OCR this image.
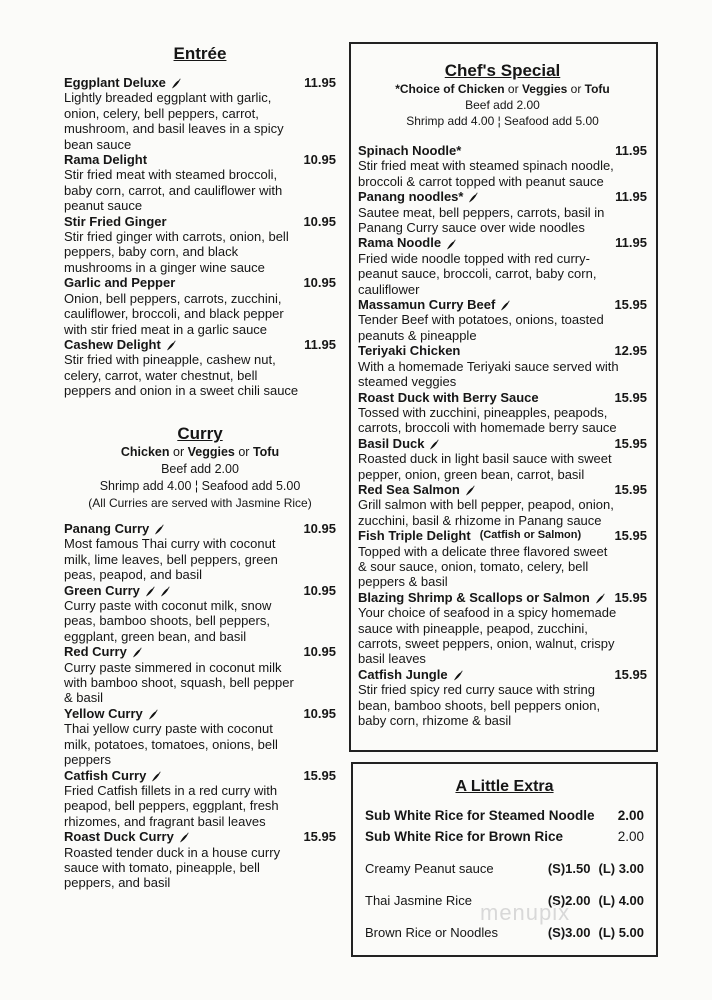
Entrée
Eggplant Deluxe	11.95
Lightly breaded eggplant with garlic,
onion, celery, bell peppers, carrot,
mushroom, and basil leaves in a spicy
bean sauce
Rama Delight	10.95
Stir fried meat with steamed broccoli,
baby corn, carrot, and cauliflower with
peanut sauce
Stir Fried Ginger	10.95
Stir fried ginger with carrots, onion, bell
peppers, baby corn, and black
mushrooms in a ginger wine sauce
Garlic and Pepper	10.95
Onion, bell peppers, carrots, zucchini,
cauliflower, broccoli, and black pepper
with stir fried meat in a garlic sauce
Cashew Delight	11.95
Stir fried with pineapple, cashew nut,
celery, carrot, water chestnut, bell
peppers and onion in a sweet chili sauce
Curry
Chicken or Veggies or Tofu
Beef add 2.00
Shrimp add 4.00 ¦ Seafood add 5.00
(All Curries are served with Jasmine Rice)
Panang Curry	10.95
Most famous Thai curry with coconut
milk, lime leaves, bell peppers, green
peas, peapod, and basil
Green Curry	10.95
Curry paste with coconut milk, snow
peas, bamboo shoots, bell peppers,
eggplant, green bean, and basil
Red Curry	10.95
Curry paste simmered in coconut milk
with bamboo shoot, squash, bell pepper
& basil
Yellow Curry	10.95
Thai yellow curry paste with coconut
milk, potatoes, tomatoes, onions, bell
peppers
Catfish Curry	15.95
Fried Catfish fillets in a red curry with
peapod, bell peppers, eggplant, fresh
rhizomes, and fragrant basil leaves
Roast Duck Curry	15.95
Roasted tender duck in a house curry
sauce with tomato, pineapple, bell
peppers, and basil
Chef's Special
*Choice of Chicken or Veggies or Tofu
Beef add 2.00
Shrimp add 4.00 ¦ Seafood add 5.00
Spinach Noodle*	11.95
Stir fried meat with steamed spinach noodle,
broccoli & carrot topped with peanut sauce
Panang noodles*	11.95
Sautee meat, bell peppers, carrots, basil in
Panang Curry sauce over wide noodles
Rama Noodle	11.95
Fried wide noodle topped with red curry-
peanut sauce, broccoli, carrot, baby corn,
cauliflower
Massamun Curry Beef	15.95
Tender Beef with potatoes, onions, toasted
peanuts & pineapple
Teriyaki Chicken	12.95
With a homemade Teriyaki sauce served with
steamed veggies
Roast Duck with Berry Sauce	15.95
Tossed with zucchini, pineapples, peapods,
carrots, broccoli with homemade berry sauce
Basil Duck	15.95
Roasted duck in light basil sauce with sweet
pepper, onion, green bean, carrot, basil
Red Sea Salmon	15.95
Grill salmon with bell pepper, peapod, onion,
zucchini, basil & rhizome in Panang sauce
Fish Triple Delight (Catfish or Salmon)	15.95
Topped with a delicate three flavored sweet
& sour sauce, onion, tomato, celery, bell
peppers & basil
Blazing Shrimp & Scallops or Salmon 15.95
Your choice of seafood in a spicy homemade
sauce with pineapple, peapod, zucchini,
carrots, sweet peppers, onion, walnut, crispy
basil leaves
Catfish Jungle	15.95
Stir fried spicy red curry sauce with string
bean, bamboo shoots, bell peppers onion,
baby corn, rhizome & basil
A Little Extra
Sub White Rice for Steamed Noodle 2.00
Sub White Rice for Brown Rice	2.00
Creamy Peanut sauce	(S)1.50 (L) 3.00
Thai Jasmine Rice	(S)2.00 (L) 4.00
Brown Rice or Noodles	(S)3.00 (L) 5.00
menupix
